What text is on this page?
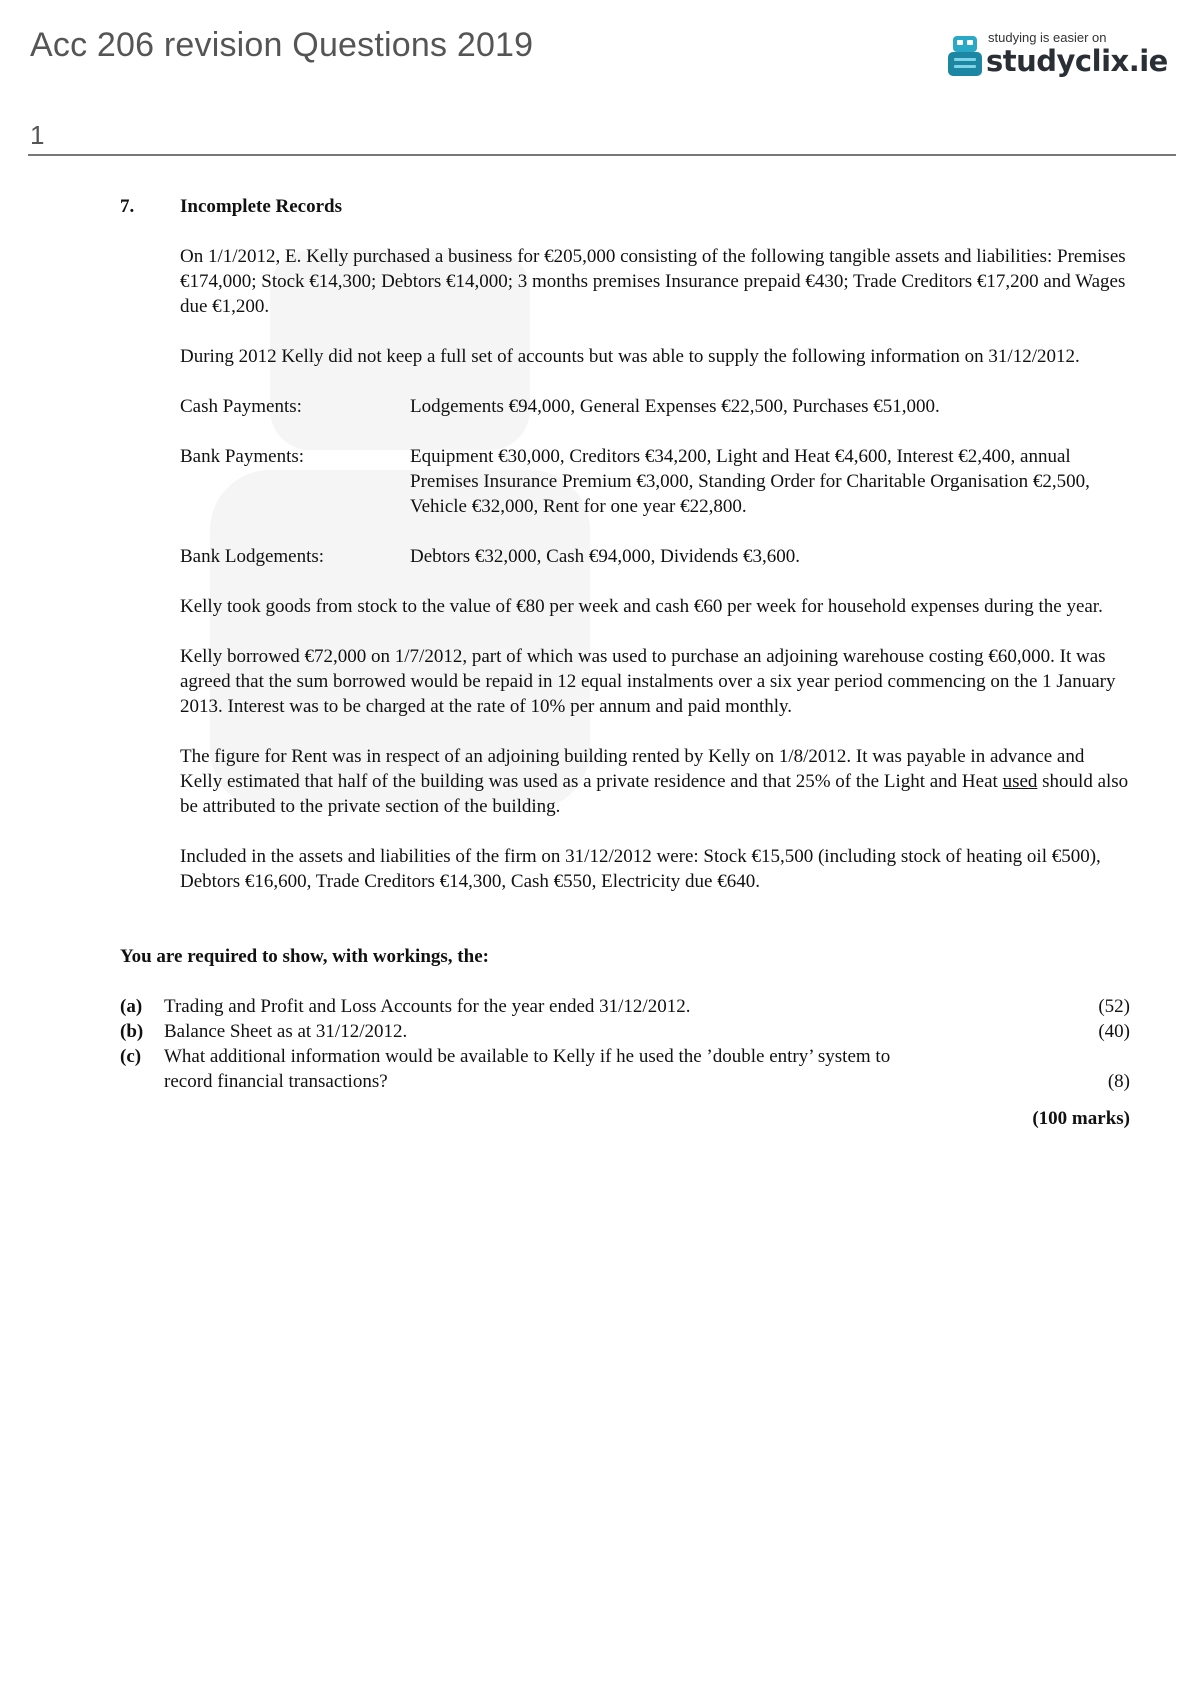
Acc 206 revision Questions 2019	studying is easier on
studyclix.ie
1
7.	Incomplete Records

On 1/1/2012, E. Kelly purchased a business for €205,000 consisting of the following tangible assets and liabilities: Premises €174,000; Stock €14,300; Debtors €14,000; 3 months premises Insurance prepaid €430; Trade Creditors €17,200 and Wages due €1,200.

During 2012 Kelly did not keep a full set of accounts but was able to supply the following information on 31/12/2012.

Cash Payments:	Lodgements €94,000, General Expenses €22,500, Purchases €51,000.
Bank Payments:	Equipment €30,000, Creditors €34,200, Light and Heat €4,600, Interest €2,400, annual Premises Insurance Premium €3,000, Standing Order for Charitable Organisation €2,500, Vehicle €32,000, Rent for one year €22,800.
Bank Lodgements:	Debtors €32,000, Cash €94,000, Dividends €3,600.

Kelly took goods from stock to the value of €80 per week and cash €60 per week for household expenses during the year.

Kelly borrowed €72,000 on 1/7/2012, part of which was used to purchase an adjoining warehouse costing €60,000. It was agreed that the sum borrowed would be repaid in 12 equal instalments over a six year period commencing on the 1 January 2013. Interest was to be charged at the rate of 10% per annum and paid monthly.

The figure for Rent was in respect of an adjoining building rented by Kelly on 1/8/2012. It was payable in advance and Kelly estimated that half of the building was used as a private residence and that 25% of the Light and Heat used should also be attributed to the private section of the building.

Included in the assets and liabilities of the firm on 31/12/2012 were: Stock €15,500 (including stock of heating oil €500), Debtors €16,600, Trade Creditors €14,300, Cash €550, Electricity due €640.

You are required to show, with workings, the:
(a)	Trading and Profit and Loss Accounts for the year ended 31/12/2012.	(52)
(b)	Balance Sheet as at 31/12/2012.	(40)
(c)	What additional information would be available to Kelly if he used the ’double entry’ system to record financial transactions?	(8)
(100 marks)
